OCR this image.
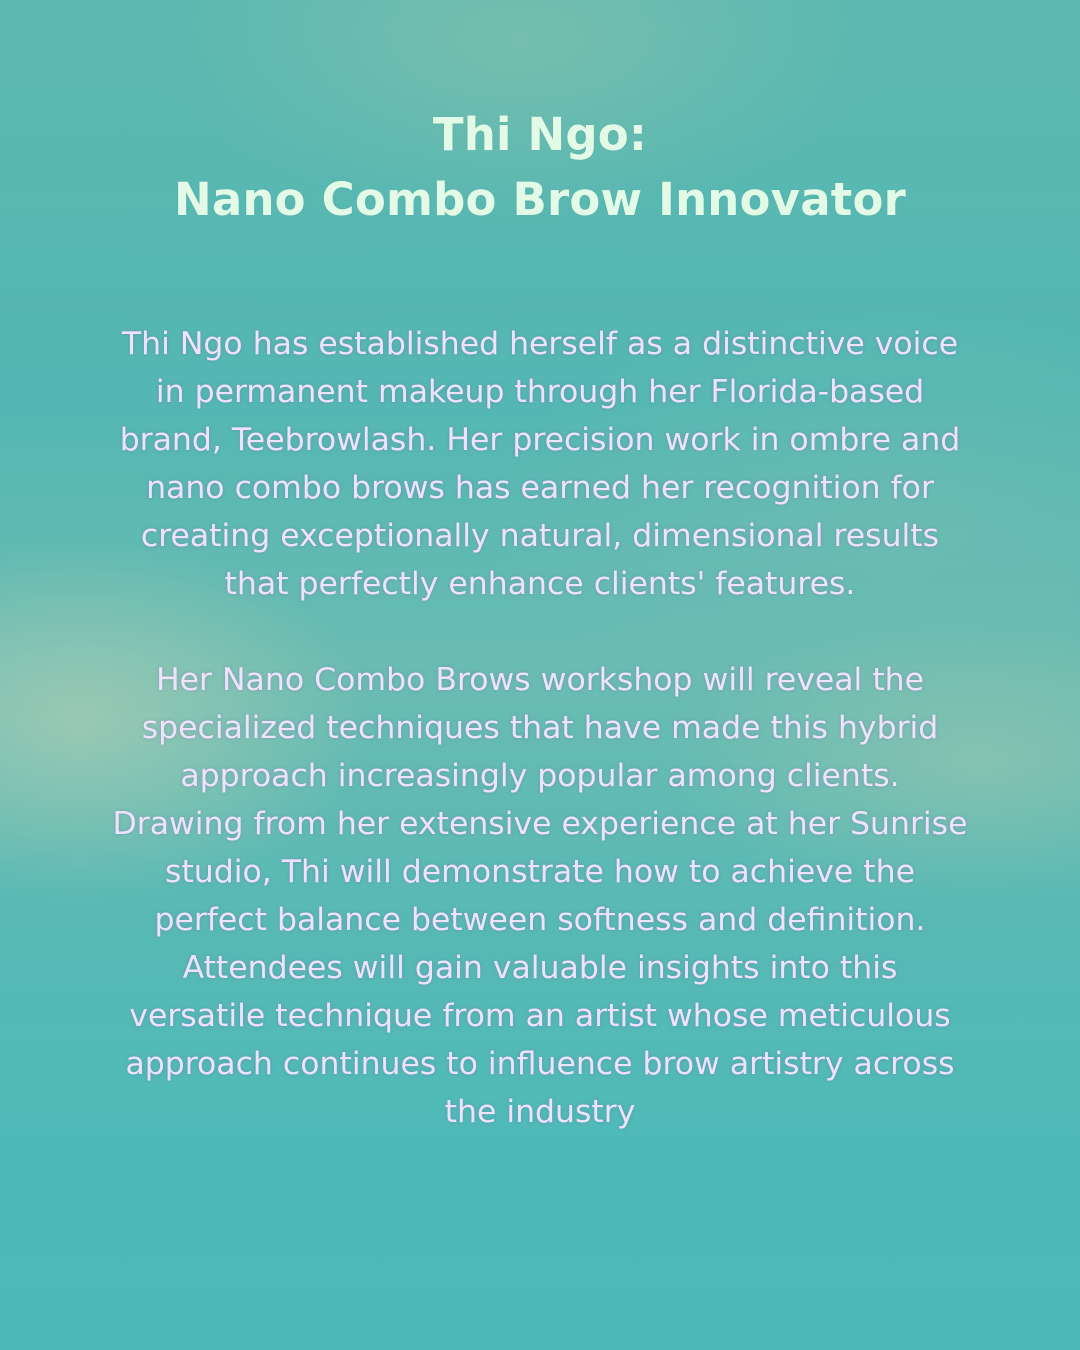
Thi Ngo:
Nano Combo Brow Innovator
Thi Ngo has established herself as a distinctive voice
in permanent makeup through her Florida-based
brand, Teebrowlash. Her precision work in ombre and
nano combo brows has earned her recognition for
creating exceptionally natural, dimensional results
that perfectly enhance clients' features.
Her Nano Combo Brows workshop will reveal the
specialized techniques that have made this hybrid
approach increasingly popular among clients.
Drawing from her extensive experience at her Sunrise
studio, Thi will demonstrate how to achieve the
perfect balance between softness and definition.
Attendees will gain valuable insights into this
versatile technique from an artist whose meticulous
approach continues to influence brow artistry across
the industry
